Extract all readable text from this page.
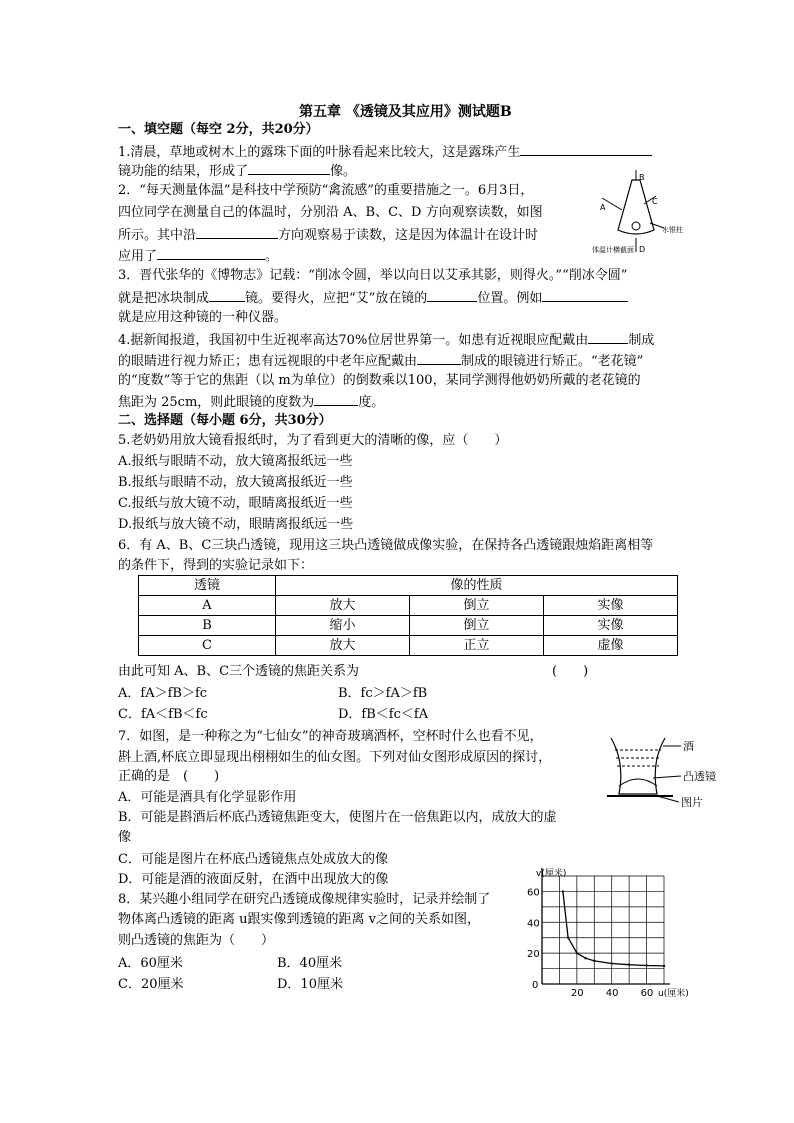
第五章 《透镜及其应用》测试题B
一、填空题（每空 2分，共20分）
1.清晨，草地或树木上的露珠下面的叶脉看起来比较大，这是露珠产生
镜功能的结果，形成了	像。
2．“每天测量体温”是科技中学预防“禽流感”的重要措施之一。6月3日，
四位同学在测量自己的体温时，分别沿 A、B、C、D 方向观察读数，如图
所示。其中沿	方向观察易于读数，这是因为体温计在设计时
应用了	。
B
A
C
D
水银柱
体温计横截面
3．晋代张华的《博物志》记载：“削冰令圆，举以向日以艾承其影，则得火。”“削冰令圆”
就是把冰块制成	镜。要得火，应把“艾”放在镜的	位置。例如
就是应用这种镜的一种仪器。
4.据新闻报道，我国初中生近视率高达70%位居世界第一。如患有近视眼应配戴由	制成
的眼睛进行视力矫正；患有远视眼的中老年应配戴由	制成的眼镜进行矫正。“老花镜”
的“度数”等于它的焦距（以 m为单位）的倒数乘以100，某同学测得他奶奶所戴的老花镜的
焦距为 25cm，则此眼镜的度数为	度。
二、选择题（每小题 6分，共30分）
5.老奶奶用放大镜看报纸时，为了看到更大的清晰的像，应（　　）
A.报纸与眼睛不动，放大镜离报纸远一些
B.报纸与眼睛不动，放大镜离报纸近一些
C.报纸与放大镜不动，眼睛离报纸近一些
D.报纸与放大镜不动，眼睛离报纸远一些
6．有 A、B、C三块凸透镜，现用这三块凸透镜做成像实验，在保持各凸透镜跟烛焰距离相等
的条件下，得到的实验记录如下：
透镜	像的性质		
A	放大	倒立	实像
B	缩小	倒立	实像
C	放大	正立	虚像
由此可知 A、B、C三个透镜的焦距关系为	(　　)
A．fA＞fB＞fc	B．fc＞fA＞fB
C．fA＜fB＜fc	D．fB＜fc＜fA
7．如图，是一种称之为“七仙女”的神奇玻璃酒杯，空杯时什么也看不见，
斟上酒,杯底立即显现出栩栩如生的仙女图。下列对仙女图形成原因的探讨，
正确的是　(　　)
A．可能是酒具有化学显影作用
B．可能是斟酒后杯底凸透镜焦距变大，使图片在一倍焦距以内，成放大的虚
像
C．可能是图片在杯底凸透镜焦点处成放大的像
D．可能是酒的液面反射，在酒中出现放大的像
酒
凸透镜
图片
8．某兴趣小组同学在研究凸透镜成像规律实验时，记录并绘制了
物体离凸透镜的距离 u跟实像到透镜的距离 v之间的关系如图，
则凸透镜的焦距为（　　）
A．60厘米	B．40厘米
C．20厘米	D．10厘米
20 40 60
0
20
40
60
v(厘米)
u(厘米)
